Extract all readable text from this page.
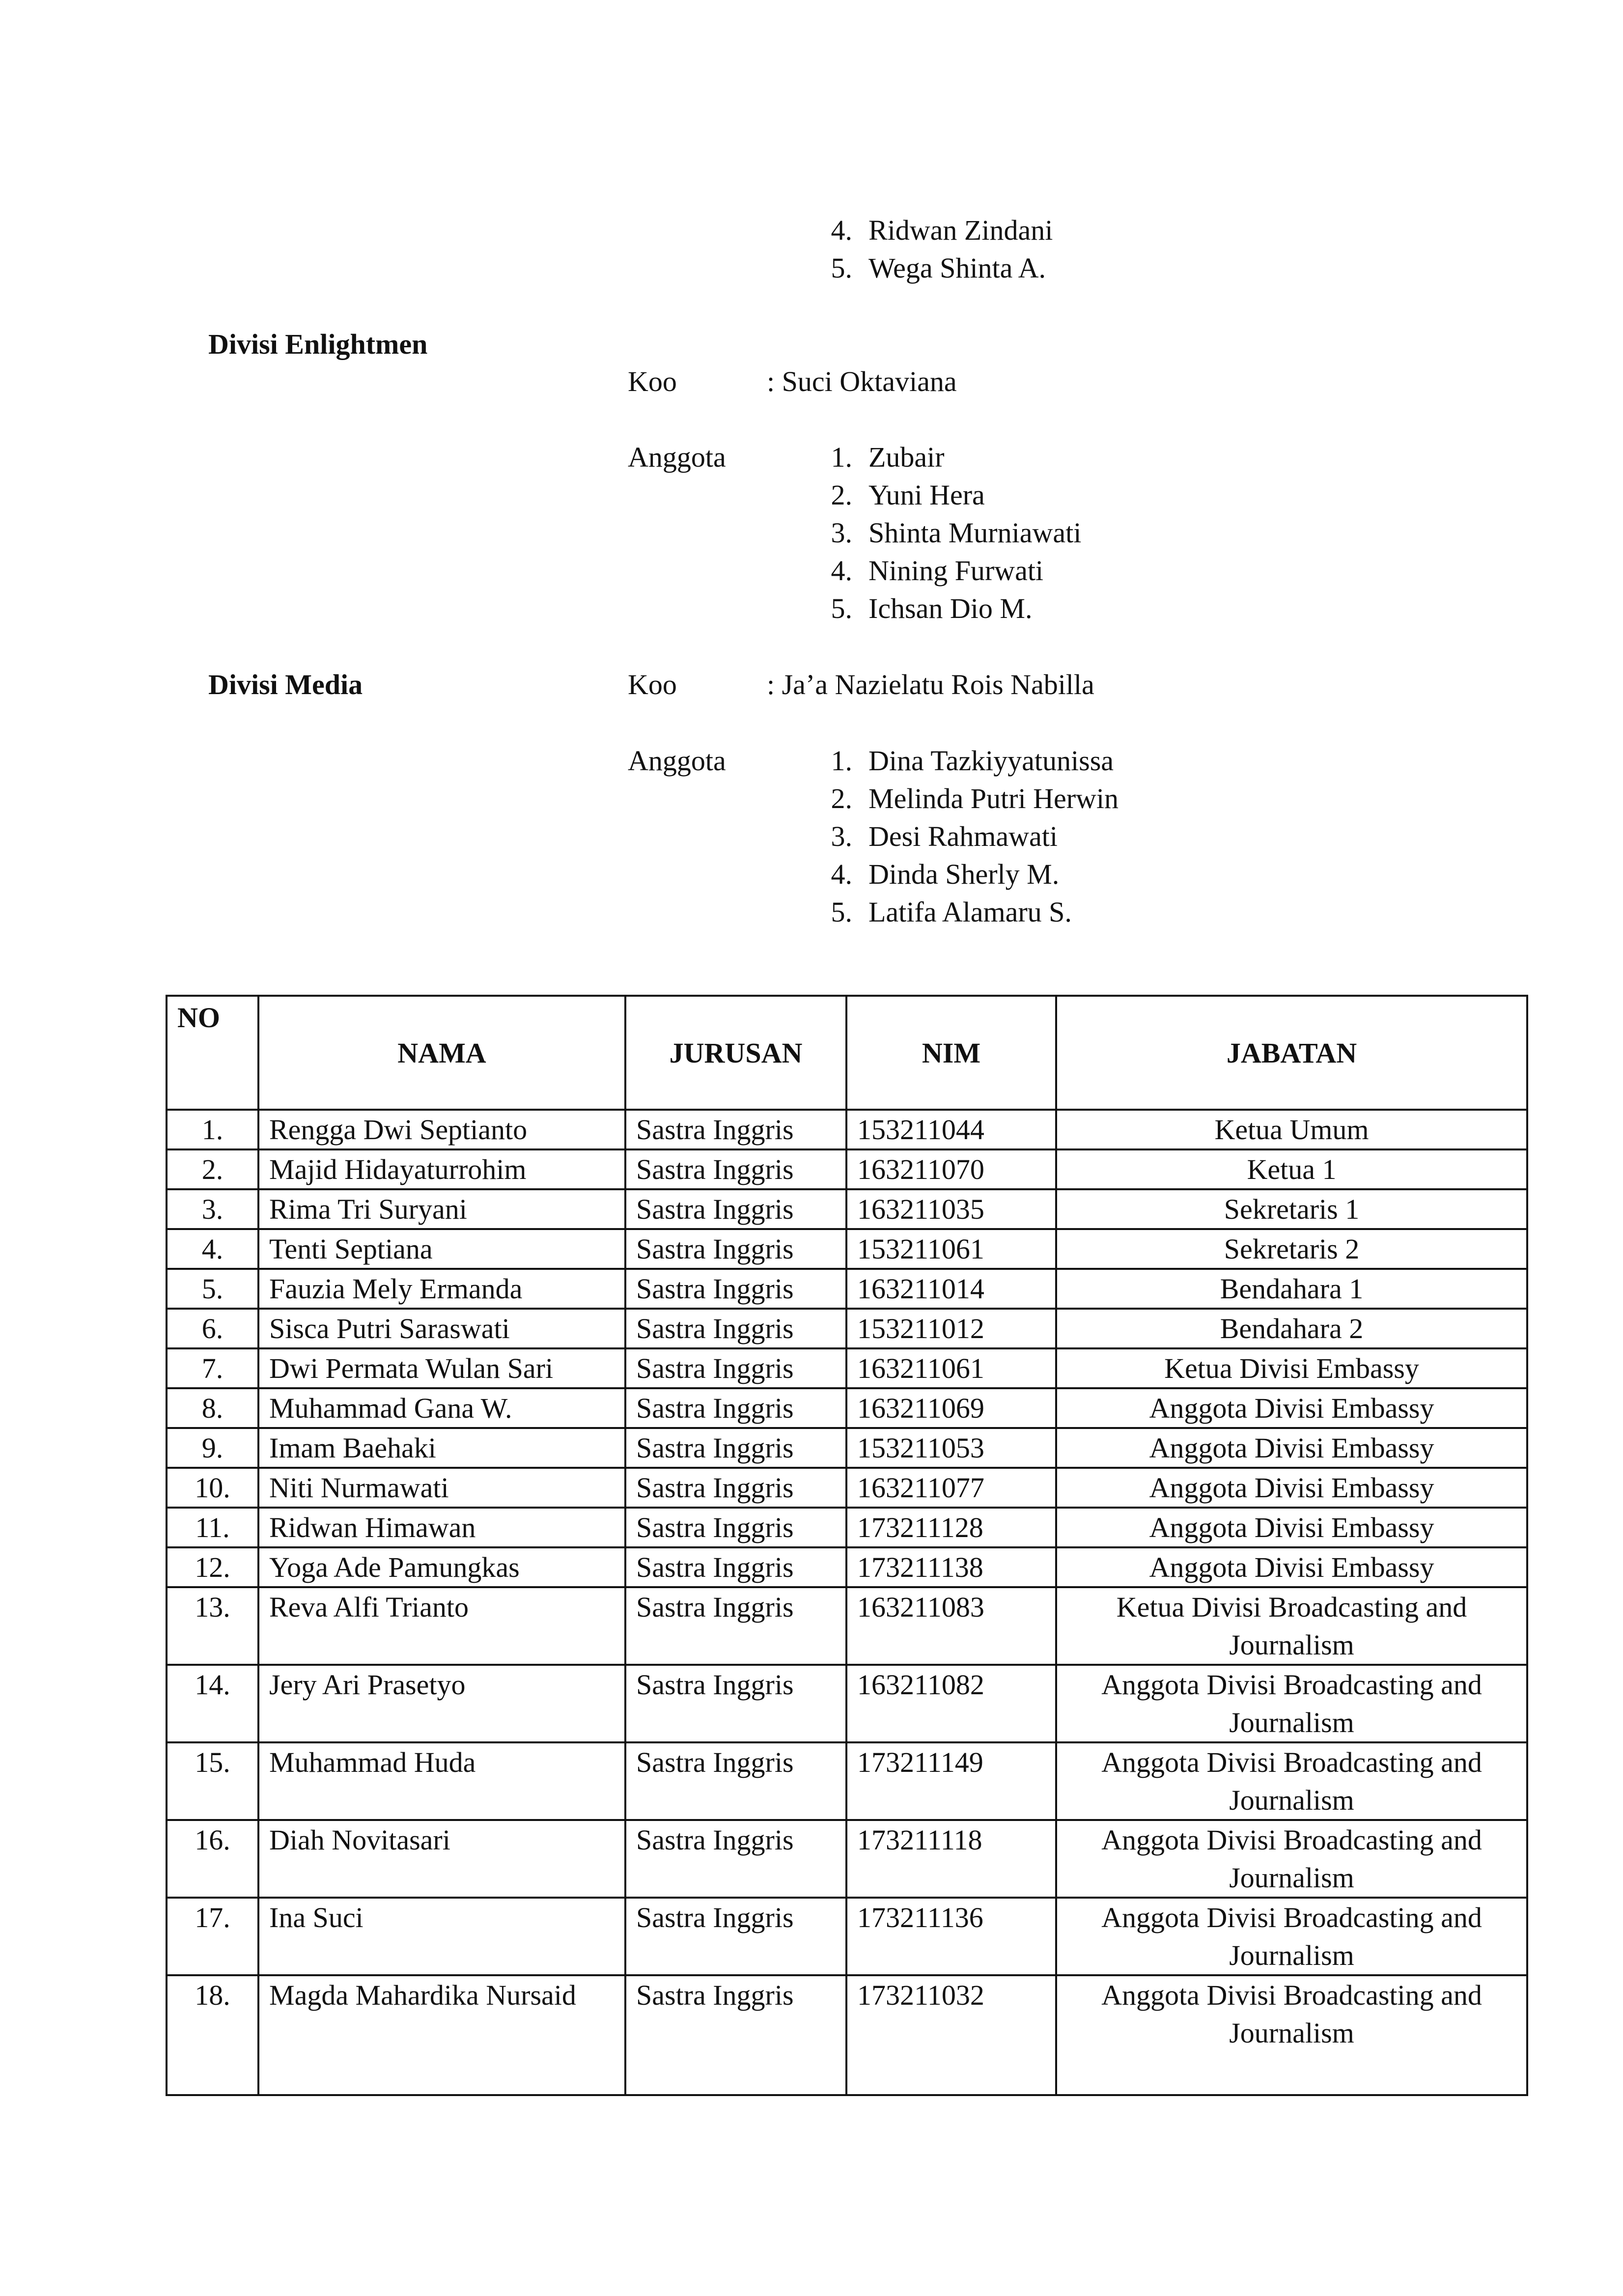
4. Ridwan Zindani
5. Wega Shinta A.
Divisi Enlightmen
Koo	: Suci Oktaviana
Anggota	1. Zubair
2. Yuni Hera
3. Shinta Murniawati
4. Nining Furwati
5. Ichsan Dio M.
Divisi Media	Koo	: Ja’a Nazielatu Rois Nabilla
Anggota	1. Dina Tazkiyyatunissa
2. Melinda Putri Herwin
3. Desi Rahmawati
4. Dinda Sherly M.
5. Latifa Alamaru S.
NO	NAMA	JURUSAN	NIM	JABATAN
1.	Rengga Dwi Septianto	Sastra Inggris	153211044	Ketua Umum
2.	Majid Hidayaturrohim	Sastra Inggris	163211070	Ketua 1
3.	Rima Tri Suryani	Sastra Inggris	163211035	Sekretaris 1
4.	Tenti Septiana	Sastra Inggris	153211061	Sekretaris 2
5.	Fauzia Mely Ermanda	Sastra Inggris	163211014	Bendahara 1
6.	Sisca Putri Saraswati	Sastra Inggris	153211012	Bendahara 2
7.	Dwi Permata Wulan Sari	Sastra Inggris	163211061	Ketua Divisi Embassy
8.	Muhammad Gana W.	Sastra Inggris	163211069	Anggota Divisi Embassy
9.	Imam Baehaki	Sastra Inggris	153211053	Anggota Divisi Embassy
10.	Niti Nurmawati	Sastra Inggris	163211077	Anggota Divisi Embassy
11.	Ridwan Himawan	Sastra Inggris	173211128	Anggota Divisi Embassy
12.	Yoga Ade Pamungkas	Sastra Inggris	173211138	Anggota Divisi Embassy
13.	Reva Alfi Trianto	Sastra Inggris	163211083	Ketua Divisi Broadcasting and Journalism
14.	Jery Ari Prasetyo	Sastra Inggris	163211082	Anggota Divisi Broadcasting and Journalism
15.	Muhammad Huda	Sastra Inggris	173211149	Anggota Divisi Broadcasting and Journalism
16.	Diah Novitasari	Sastra Inggris	173211118	Anggota Divisi Broadcasting and Journalism
17.	Ina Suci	Sastra Inggris	173211136	Anggota Divisi Broadcasting and Journalism
18.	Magda Mahardika Nursaid	Sastra Inggris	173211032	Anggota Divisi Broadcasting and Journalism
